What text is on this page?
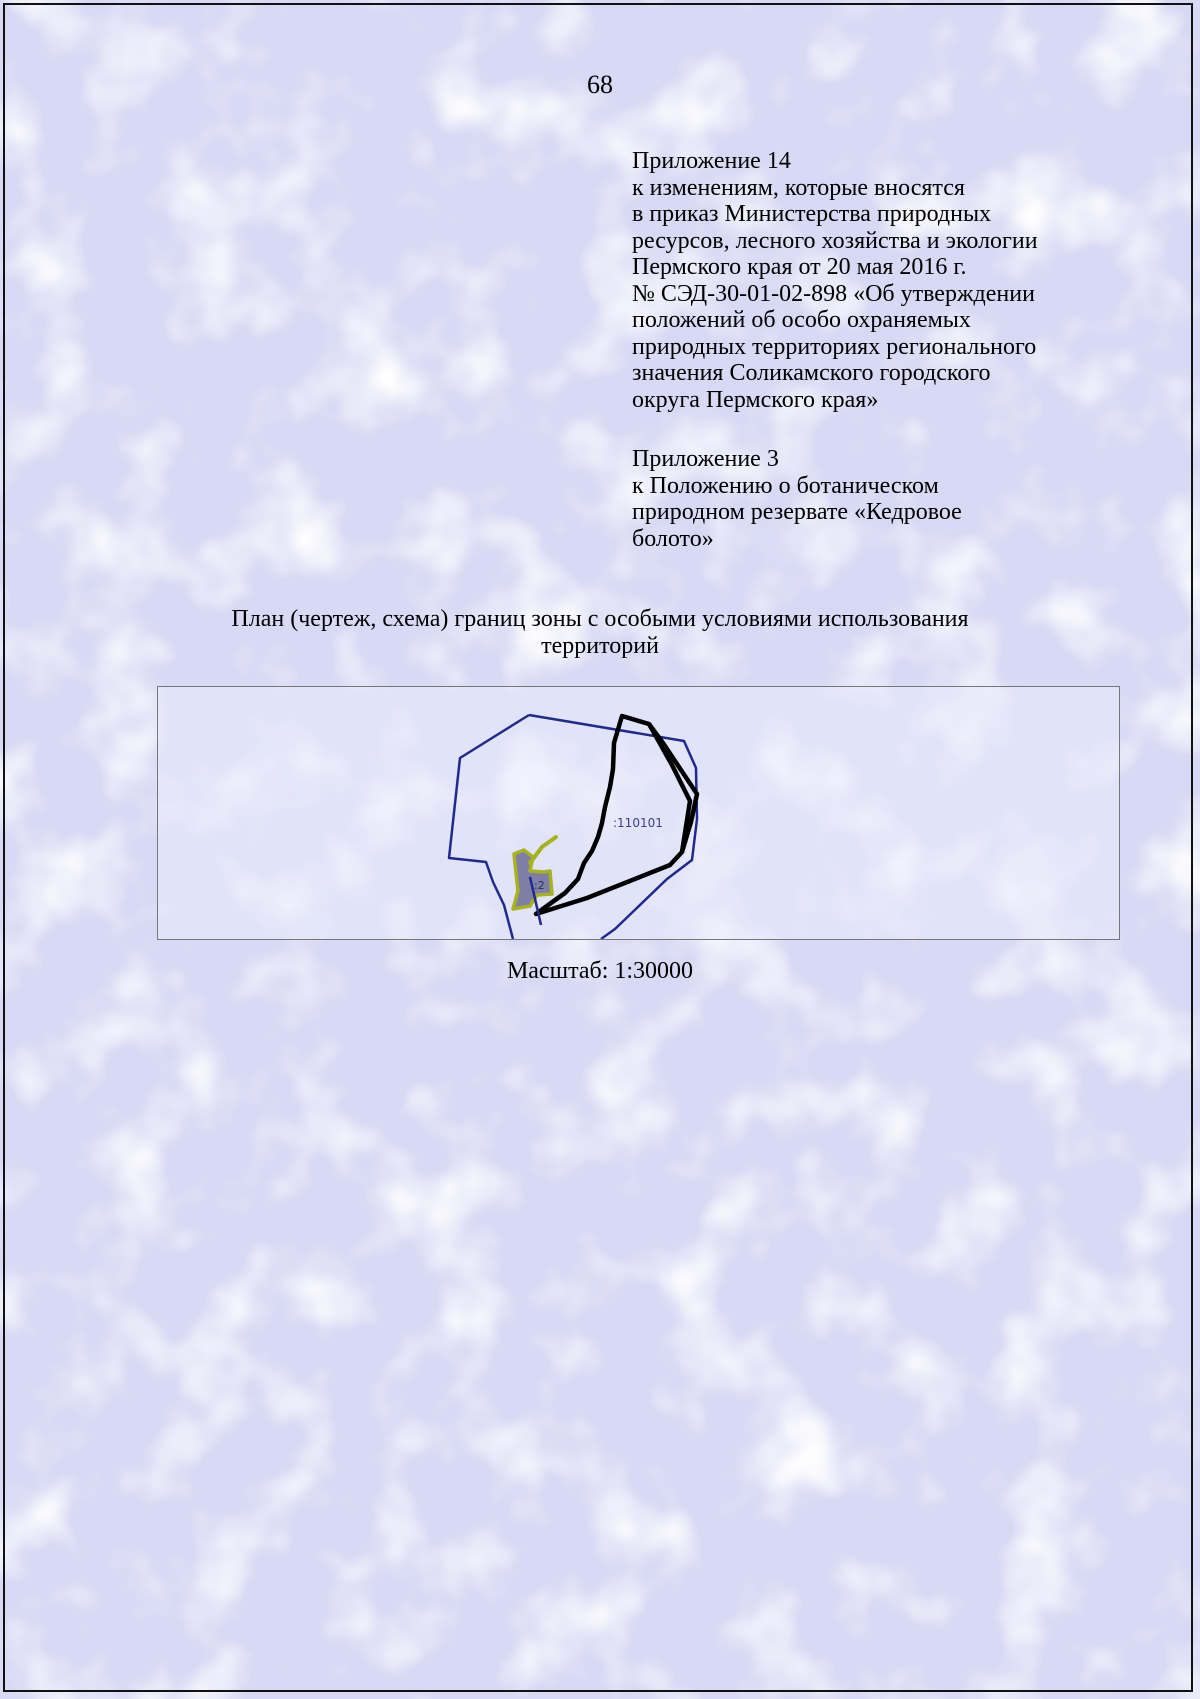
68
Приложение 14
к изменениям, которые вносятся
в приказ Министерства природных
ресурсов, лесного хозяйства и экологии
Пермского края от 20 мая 2016 г.
№ СЭД-30-01-02-898 «Об утверждении
положений об особо охраняемых
природных территориях регионального
значения Соликамского городского
округа Пермского края»
Приложение 3
к Положению о ботаническом
природном резервате «Кедровое
болото»
План (чертеж, схема) границ зоны с особыми условиями использования
территорий
:110101
:2
Масштаб: 1:30000
